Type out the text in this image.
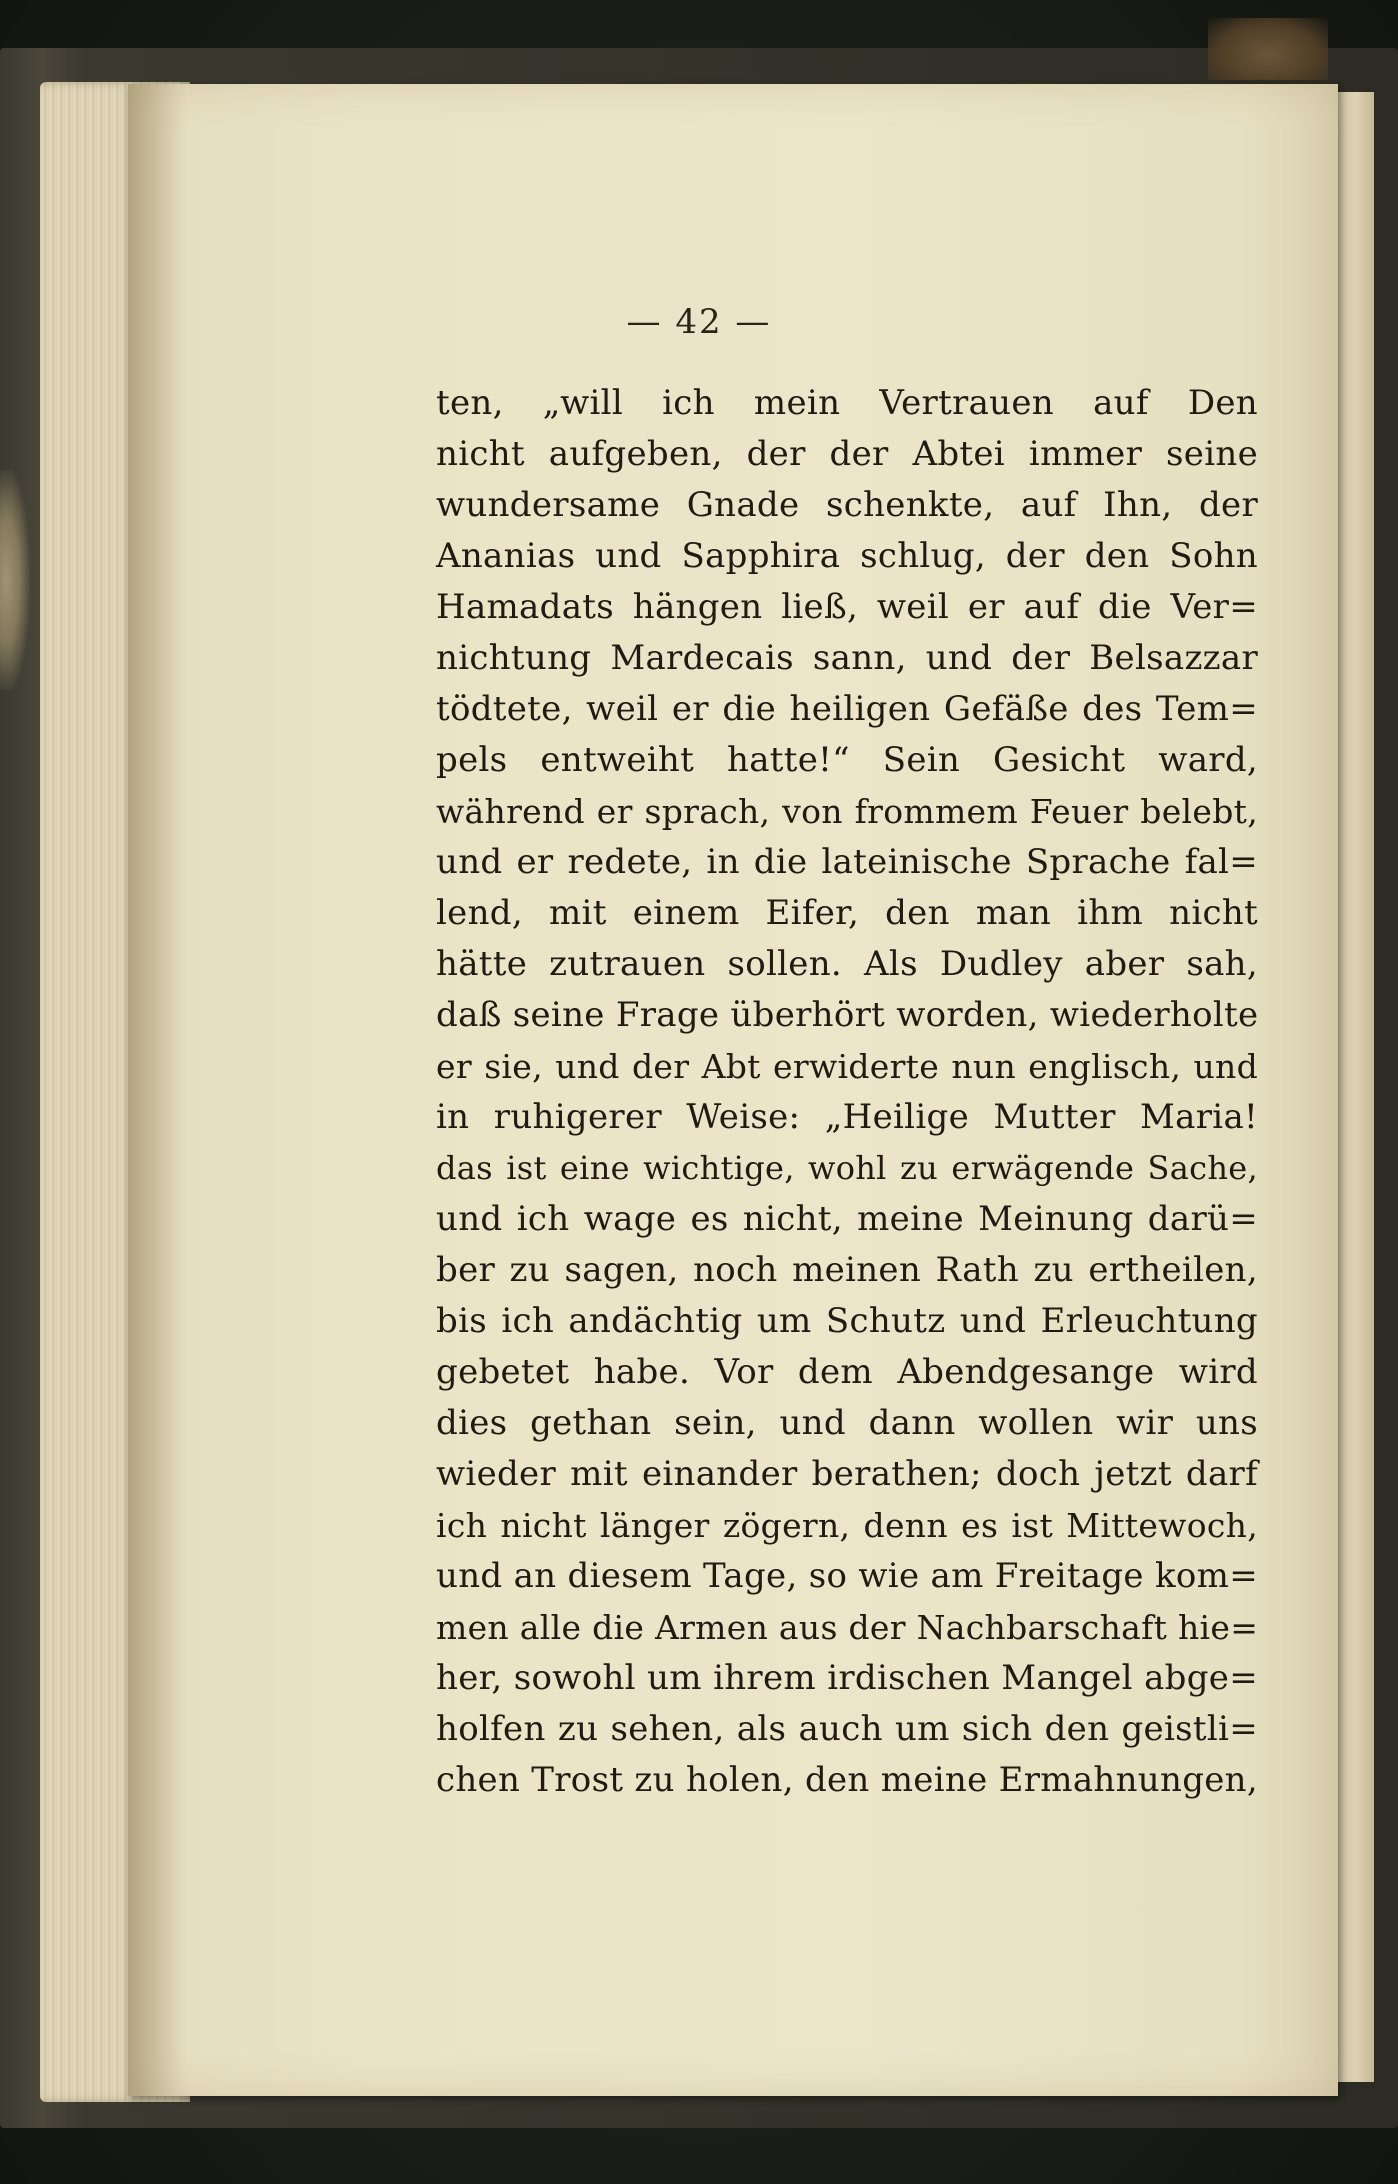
— 42 —
ten, „will ich mein Vertrauen auf Den
nicht aufgeben, der der Abtei immer seine
wundersame Gnade schenkte, auf Ihn, der
Ananias und Sapphira schlug, der den Sohn
Hamadats hängen ließ, weil er auf die Ver=
nichtung Mardecais sann, und der Belsazzar
tödtete, weil er die heiligen Gefäße des Tem=
pels entweiht hatte!“ Sein Gesicht ward,
während er sprach, von frommem Feuer belebt,
und er redete, in die lateinische Sprache fal=
lend, mit einem Eifer, den man ihm nicht
hätte zutrauen sollen. Als Dudley aber sah,
daß seine Frage überhört worden, wiederholte
er sie, und der Abt erwiderte nun englisch, und
in ruhigerer Weise: „Heilige Mutter Maria!
das ist eine wichtige, wohl zu erwägende Sache,
und ich wage es nicht, meine Meinung darü=
ber zu sagen, noch meinen Rath zu ertheilen,
bis ich andächtig um Schutz und Erleuchtung
gebetet habe. Vor dem Abendgesange wird
dies gethan sein, und dann wollen wir uns
wieder mit einander berathen; doch jetzt darf
ich nicht länger zögern, denn es ist Mittewoch,
und an diesem Tage, so wie am Freitage kom=
men alle die Armen aus der Nachbarschaft hie=
her, sowohl um ihrem irdischen Mangel abge=
holfen zu sehen, als auch um sich den geistli=
chen Trost zu holen, den meine Ermahnungen,
